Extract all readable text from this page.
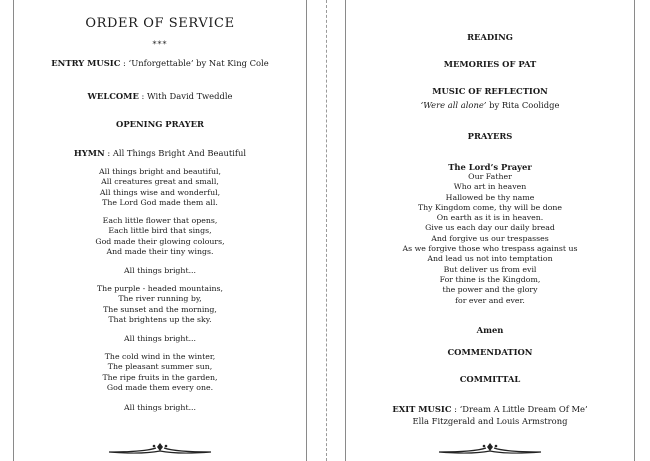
ORDER OF SERVICE
***
ENTRY MUSIC : ‘Unforgettable’ by Nat King Cole
WELCOME : With David Tweddle
OPENING PRAYER
HYMN : All Things Bright And Beautiful
All things bright and beautiful,
All creatures great and small,
All things wise and wonderful,
The Lord God made them all.
Each little flower that opens,
Each little bird that sings,
God made their glowing colours,
And made their tiny wings.
All things bright...
The purple - headed mountains,
The river running by,
The sunset and the morning,
That brightens up the sky.
All things bright...
The cold wind in the winter,
The pleasant summer sun,
The ripe fruits in the garden,
God made them every one.
All things bright...
READING
MEMORIES OF PAT
MUSIC OF REFLECTION
‘Were all alone’ by Rita Coolidge
PRAYERS
The Lord’s Prayer
Our Father
Who art in heaven
Hallowed be thy name
Thy Kingdom come, thy will be done
On earth as it is in heaven.
Give us each day our daily bread
And forgive us our trespasses
As we forgive those who trespass against us
And lead us not into temptation
But deliver us from evil
For thine is the Kingdom,
the power and the glory
for ever and ever.
Amen
COMMENDATION
COMMITTAL
EXIT MUSIC : ‘Dream A Little Dream Of Me’
Ella Fitzgerald and Louis Armstrong
